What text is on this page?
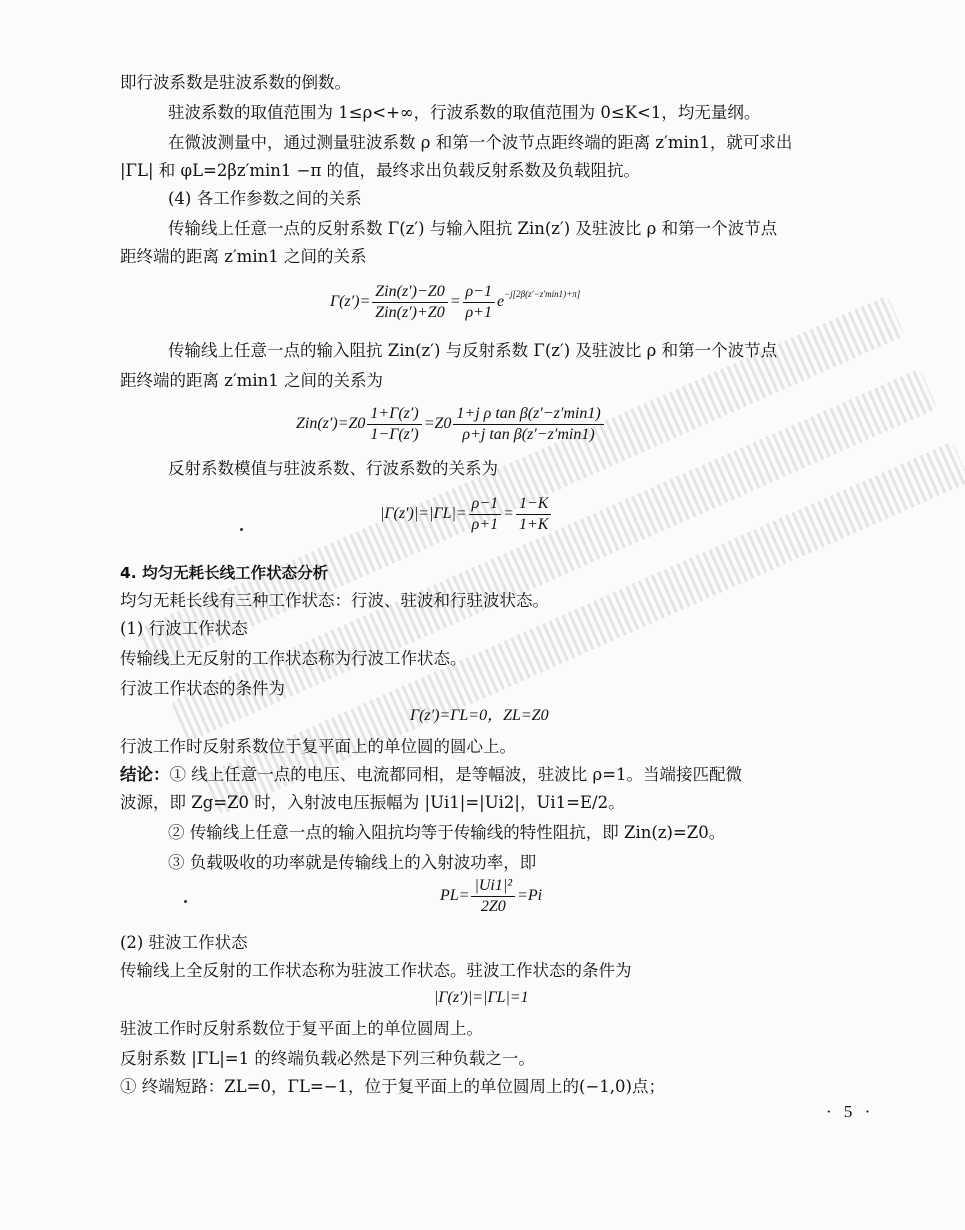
即行波系数是驻波系数的倒数。
驻波系数的取值范围为 1≤ρ<+∞，行波系数的取值范围为 0≤K<1，均无量纲。
在微波测量中，通过测量驻波系数 ρ 和第一个波节点距终端的距离 z′min1，就可求出
|ΓL| 和 φL=2βz′min1 −π 的值，最终求出负载反射系数及负载阻抗。
(4) 各工作参数之间的关系
传输线上任意一点的反射系数 Γ(z′) 与输入阻抗 Zin(z′) 及驻波比 ρ 和第一个波节点
距终端的距离 z′min1 之间的关系
$\Gamma(z')= \frac{\text{Zin(z′)−Z0}}{\text{Zin(z′)+Z0}} = \frac{\rho-1}{\rho+1} e^{-j[2\beta(z'-z'min1)+\pi]}$
传输线上任意一点的输入阻抗 Zin(z′) 与反射系数 Γ(z′) 及驻波比 ρ 和第一个波节点
距终端的距离 z′min1 之间的关系为
$Zin(z')=Z0 \frac{1+\Gamma(z')}{1-\Gamma(z')} =Z0 \frac{\text{1+j ρ tan β(z′−z′min1)}}{\text{ρ+j tan β(z′−z′min1)}}$
反射系数模值与驻波系数、行波系数的关系为
$|\Gamma(z')|=|\Gamma L|= \frac{\rho-1}{\rho+1} = \frac{1-K}{1+K}$
4. 均匀无耗长线工作状态分析
均匀无耗长线有三种工作状态：行波、驻波和行驻波状态。
(1) 行波工作状态
传输线上无反射的工作状态称为行波工作状态。
行波工作状态的条件为
Γ(z′)=ΓL=0，ZL=Z0
行波工作时反射系数位于复平面上的单位圆的圆心上。
结论：① 线上任意一点的电压、电流都同相，是等幅波，驻波比 ρ=1。当端接匹配微
波源，即 Zg=Z0 时，入射波电压振幅为 |Ui1|=|Ui2|，Ui1=E/2。
② 传输线上任意一点的输入阻抗均等于传输线的特性阻抗，即 Zin(z)=Z0。
③ 负载吸收的功率就是传输线上的入射波功率，即
$PL= \frac{\text{|Ui1|²}}{2Z0} =Pi$
(2) 驻波工作状态
传输线上全反射的工作状态称为驻波工作状态。驻波工作状态的条件为
|Γ(z′)|=|ΓL|=1
驻波工作时反射系数位于复平面上的单位圆周上。
反射系数 |ΓL|=1 的终端负载必然是下列三种负载之一。
① 终端短路：ZL=0，ΓL=−1，位于复平面上的单位圆周上的(−1,0)点；
· 5 ·
